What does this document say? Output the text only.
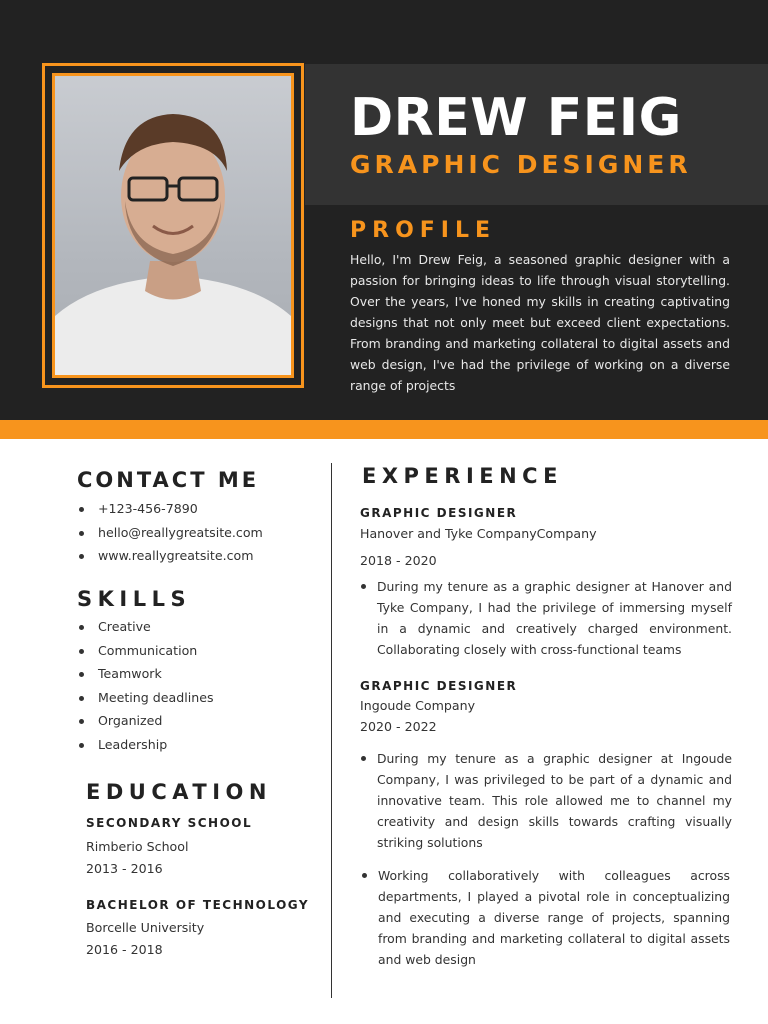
DREW FEIG
GRAPHIC DESIGNER
PROFILE

Hello, I'm Drew Feig, a seasoned graphic designer with a passion for bringing ideas to life through visual storytelling. Over the years, I've honed my skills in creating captivating designs that not only meet but exceed client expectations. From branding and marketing collateral to digital assets and web design, I've had the privilege of working on a diverse range of projects

CONTACT ME
+123-456-7890
hello@reallygreatsite.com
www.reallygreatsite.com
SKILLS
Creative
Communication
Teamwork
Meeting deadlines
Organized
Leadership
EDUCATION

SECONDARY SCHOOL

Rimberio School

2013 - 2016

BACHELOR OF TECHNOLOGY

Borcelle University

2016 - 2018

EXPERIENCE

GRAPHIC DESIGNER

Hanover and Tyke CompanyCompany

2018 - 2020

During my tenure as a graphic designer at Hanover and Tyke Company, I had the privilege of immersing myself in a dynamic and creatively charged environment. Collaborating closely with cross-functional teams

GRAPHIC DESIGNER

Ingoude Company

2020 - 2022

During my tenure as a graphic designer at Ingoude Company, I was privileged to be part of a dynamic and innovative team. This role allowed me to channel my creativity and design skills towards crafting visually striking solutions
Working collaboratively with colleagues across departments, I played a pivotal role in conceptualizing and executing a diverse range of projects, spanning from branding and marketing collateral to digital assets and web design
